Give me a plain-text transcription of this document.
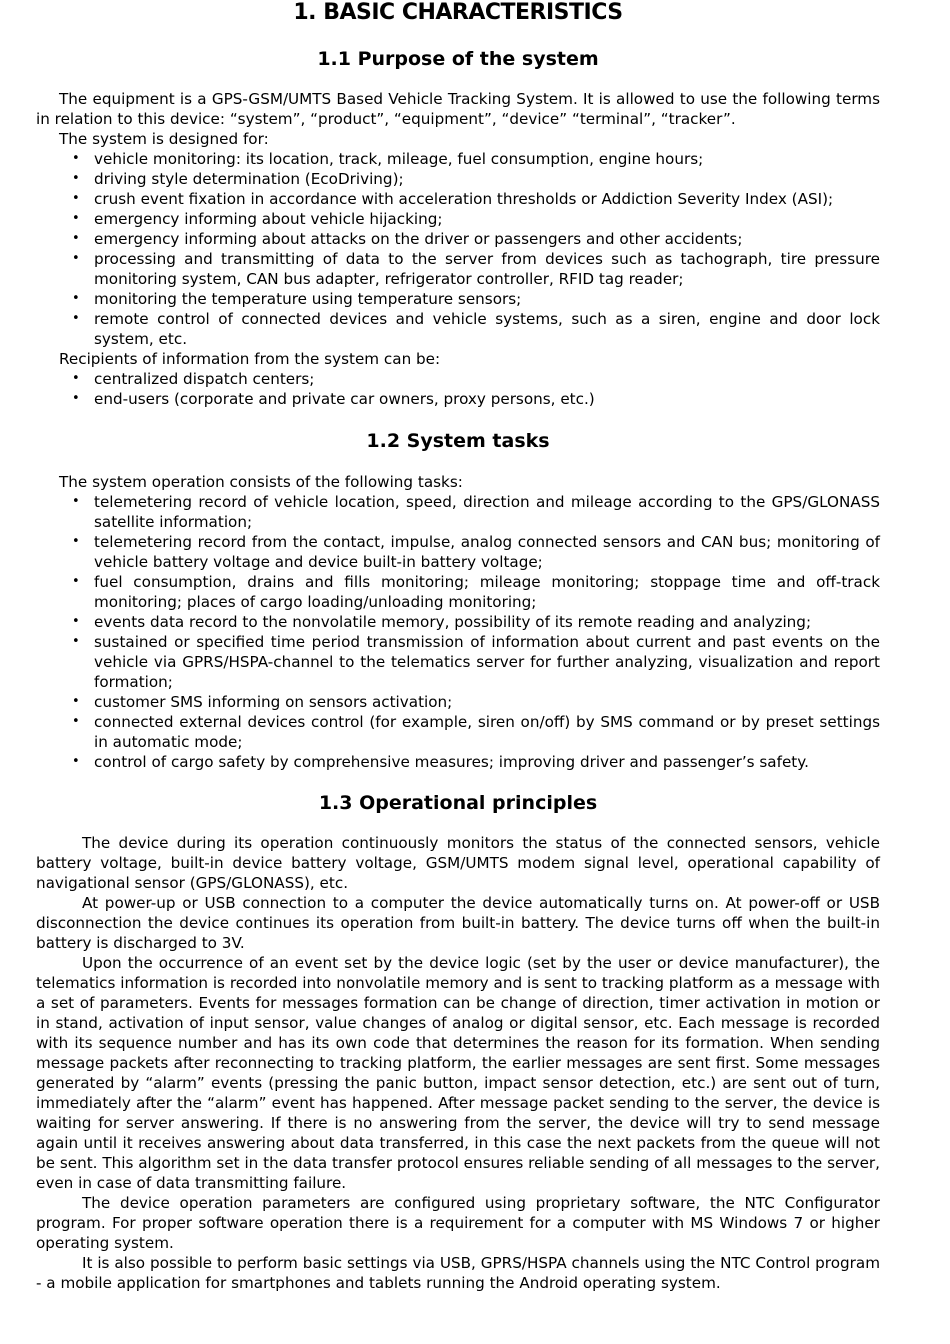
1. BASIC CHARACTERISTICS
1.1 Purpose of the system

The equipment is a GPS-GSM/UMTS Based Vehicle Tracking System. It is allowed to use the following terms in relation to this device: “system”, “product”, “equipment”, “device” “terminal”, “tracker”.

The system is designed for:

• vehicle monitoring: its location, track, mileage, fuel consumption, engine hours;
• driving style determination (EcoDriving);
• crush event fixation in accordance with acceleration thresholds or Addiction Severity Index (ASI);
• emergency informing about vehicle hijacking;
• emergency informing about attacks on the driver or passengers and other accidents;
• processing and transmitting of data to the server from devices such as tachograph, tire pressure monitoring system, CAN bus adapter, refrigerator controller, RFID tag reader;
• monitoring the temperature using temperature sensors;
• remote control of connected devices and vehicle systems, such as a siren, engine and door lock system, etc.

Recipients of information from the system can be:

• centralized dispatch centers;
• end-users (corporate and private car owners, proxy persons, etc.)
1.2 System tasks

The system operation consists of the following tasks:

• telemetering record of vehicle location, speed, direction and mileage according to the GPS/GLONASS satellite information;
• telemetering record from the contact, impulse, analog connected sensors and CAN bus; monitoring of vehicle battery voltage and device built-in battery voltage;
• fuel consumption, drains and fills monitoring; mileage monitoring; stoppage time and off-track monitoring; places of cargo loading/unloading monitoring;
• events data record to the nonvolatile memory, possibility of its remote reading and analyzing;
• sustained or specified time period transmission of information about current and past events on the vehicle via GPRS/HSPA-channel to the telematics server for further analyzing, visualization and report formation;
• customer SMS informing on sensors activation;
• connected external devices control (for example, siren on/off) by SMS command or by preset settings in automatic mode;
• control of cargo safety by comprehensive measures; improving driver and passenger’s safety.
1.3 Operational principles

The device during its operation continuously monitors the status of the connected sensors, vehicle battery voltage, built-in device battery voltage, GSM/UMTS modem signal level, operational capability of navigational sensor (GPS/GLONASS), etc.

At power-up or USB connection to a computer the device automatically turns on. At power-off or USB disconnection the device continues its operation from built-in battery. The device turns off when the built-in battery is discharged to 3V.

Upon the occurrence of an event set by the device logic (set by the user or device manufacturer), the telematics information is recorded into nonvolatile memory and is sent to tracking platform as a message with a set of parameters. Events for messages formation can be change of direction, timer activation in motion or in stand, activation of input sensor, value changes of analog or digital sensor, etc. Each message is recorded with its sequence number and has its own code that determines the reason for its formation. When sending message packets after reconnecting to tracking platform, the earlier messages are sent first. Some messages generated by “alarm” events (pressing the panic button, impact sensor detection, etc.) are sent out of turn, immediately after the “alarm” event has happened. After message packet sending to the server, the device is waiting for server answering. If there is no answering from the server, the device will try to send message again until it receives answering about data transferred, in this case the next packets from the queue will not be sent. This algorithm set in the data transfer protocol ensures reliable sending of all messages to the server, even in case of data transmitting failure.

The device operation parameters are configured using proprietary software, the NTC Configurator program. For proper software operation there is a requirement for a computer with MS Windows 7 or higher operating system.

It is also possible to perform basic settings via USB, GPRS/HSPA channels using the NTC Control program - a mobile application for smartphones and tablets running the Android operating system.
